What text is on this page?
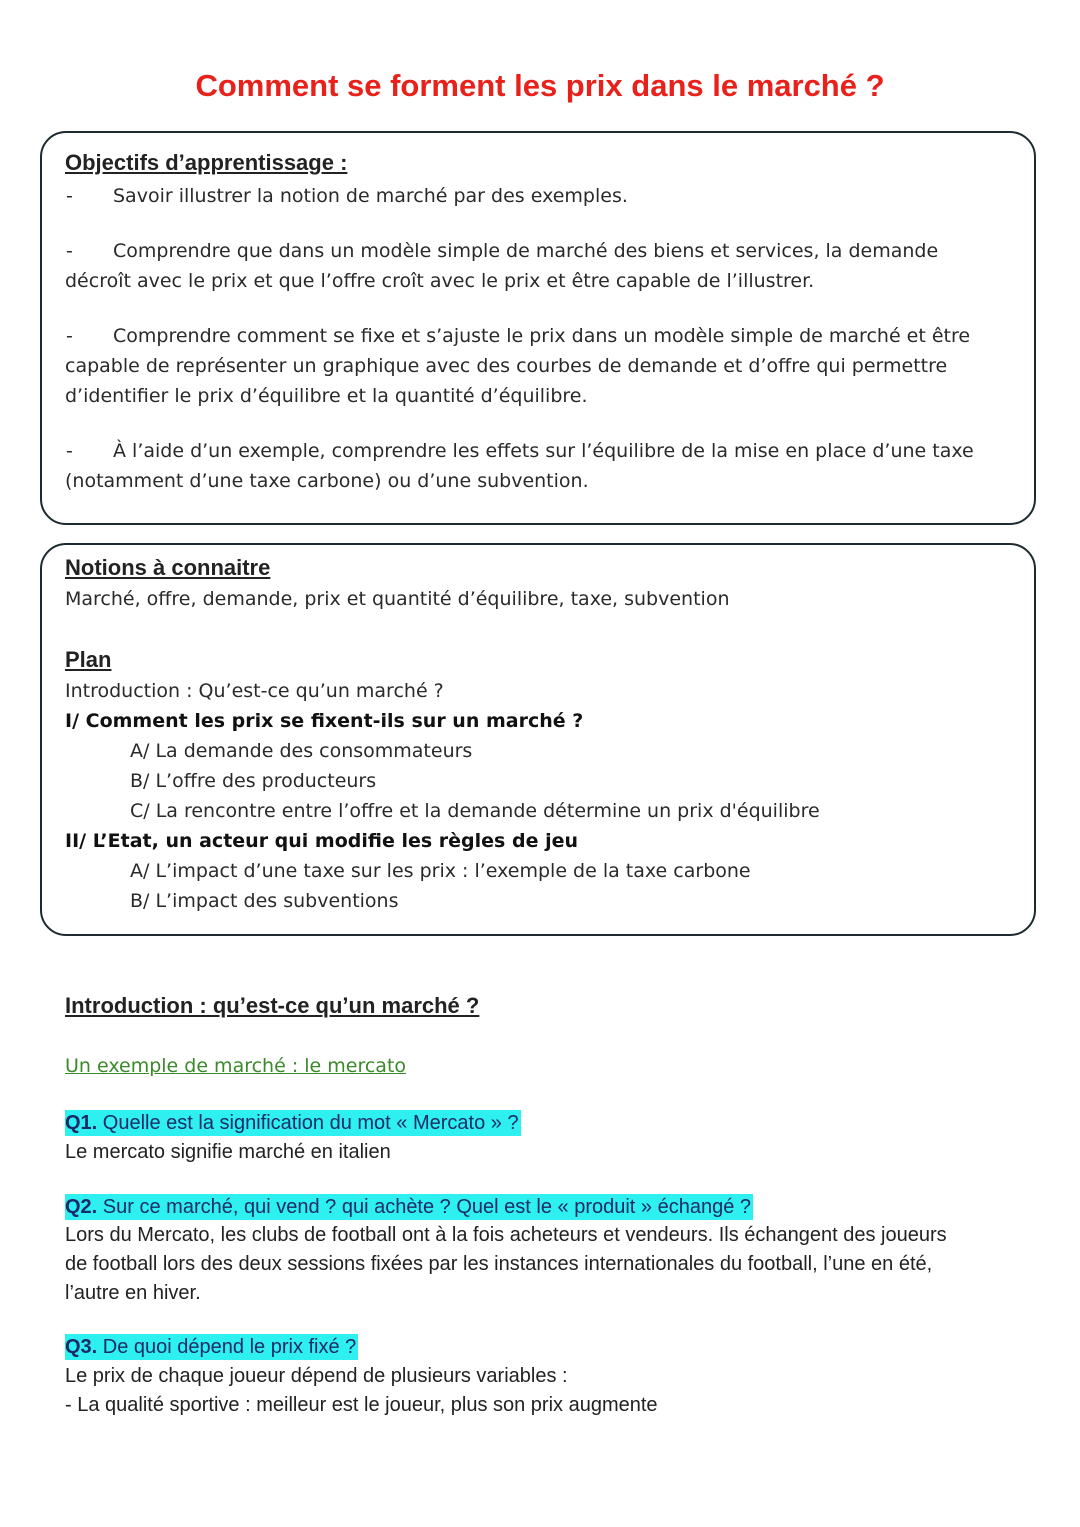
Comment se forment les prix dans le marché ?
Objectifs d’apprentissage :
- Savoir illustrer la notion de marché par des exemples.
- Comprendre que dans un modèle simple de marché des biens et services, la demande
décroît avec le prix et que l’offre croît avec le prix et être capable de l’illustrer.
- Comprendre comment se fixe et s’ajuste le prix dans un modèle simple de marché et être
capable de représenter un graphique avec des courbes de demande et d’offre qui permettre
d’identifier le prix d’équilibre et la quantité d’équilibre.
- À l’aide d’un exemple, comprendre les effets sur l’équilibre de la mise en place d’une taxe
(notamment d’une taxe carbone) ou d’une subvention.
Notions à connaitre
Marché, offre, demande, prix et quantité d’équilibre, taxe, subvention
Plan
Introduction : Qu’est-ce qu’un marché ?
I/ Comment les prix se fixent-ils sur un marché ?
A/ La demande des consommateurs
B/ L’offre des producteurs
C/ La rencontre entre l’offre et la demande détermine un prix d'équilibre
II/ L’Etat, un acteur qui modifie les règles de jeu
A/ L’impact d’une taxe sur les prix : l’exemple de la taxe carbone
B/ L’impact des subventions
Introduction : qu’est-ce qu’un marché ?
Un exemple de marché : le mercato
Q1. Quelle est la signification du mot « Mercato » ?
Le mercato signifie marché en italien
Q2. Sur ce marché, qui vend ? qui achète ? Quel est le « produit » échangé ?
Lors du Mercato, les clubs de football ont à la fois acheteurs et vendeurs. Ils échangent des joueurs
de football lors des deux sessions fixées par les instances internationales du football, l’une en été,
l’autre en hiver.
Q3. De quoi dépend le prix fixé ?
Le prix de chaque joueur dépend de plusieurs variables :
- La qualité sportive : meilleur est le joueur, plus son prix augmente
